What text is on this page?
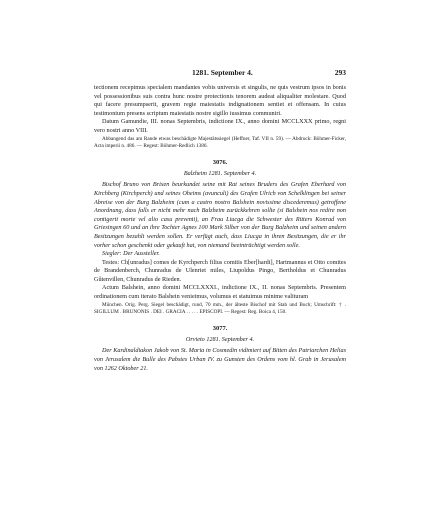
1281. September 4.	293

tectionem recepimus specialem mandantes vobis universis et singulis, ne quis vestrum ipsos in bonis vel possessionibus suis contra hunc nostre protectionis tenorem audeat aliqualiter molestare. Quod qui facere presumpserit, gravem regie maiestatis indignationem sentiet et offensam. In cuius testimonium presens scriptum maiestatis nostre sigillo iussimus communiri.

Datum Gamundie, III. nonas Septembris, indictione IX., anno domini MCCLXXX primo, regni vero nostri anno VIII.

Abbangend das am Rande etwas beschädigte Majestätssiegel (Heffner, Taf. VII n. 59). — Abdruck: Böhmer-Ficker, Acta imperii n. 486. — Regest: Böhmer-Redlich 1386.

3076.
Balzheim 1281. September 4.

Bischof Bruno von Brixen beurkundet seine mit Rat seines Bruders des Grafen Eberhard von Kirchberg (Kirchperch) und seines Oheims (avunculi) des Grafen Ulrich von Schelklingen bei seiner Abreise von der Burg Balzheim (cum a castro nostro Balshein novissime discederemus) getroffene Anordnung, dass falls er nicht mehr nach Balzheim zurückkehren sollte (si Balshein nos redire non contigerit morte vel alio casu preventi), an Frau Liucga die Schwester des Ritters Konrad von Griesingen 60 und an ihre Tochter Agnes 100 Mark Silber von der Burg Balzheim und seinen andern Besitzungen bezahlt werden sollen. Er verfügt auch, dass Liucga in ihren Besitzungen, die er ihr vorher schon geschenkt oder gekauft hat, von niemand beeinträchtigt werden solle.

Siegler: Der Aussteller.

Testes: Ch[unradus] comes de Kyrchperch filius comitis Eber[hardi], Hartmannus et Otto comites de Brandenberch, Chunradus de Ulenriet miles, Liupoldus Pingo, Bertholdus et Chunradus Gûtenvillen, Chunradus de Rieden.

Actum Balshein, anno domini MCCLXXXI., indictione IX., II. nonas Septembris. Presentem ordinationem cum iterato Balshein venieimus, volumus et statuimus minime valituram

München. Orig. Perg. Siegel beschädigt, rund, 70 mm., der älteste Bischof mit Stab und Buch; Umschrift: † . SIGILLUM . BRUNONIS . DEI . GRACIA . . . . . EPISCOPI. — Regest: Reg. Boica 4, 150.

3077.
Orvieto 1281. September 4.

Der Kardinaldiakon Jakob von St. Maria in Cosmedin vidimiert auf Bitten des Patriarchen Helias von Jerusalem die Bulle des Pabstes Urban IV. zu Gunsten des Ordens vom hl. Grab in Jerusalem von 1262 Oktober 21.
